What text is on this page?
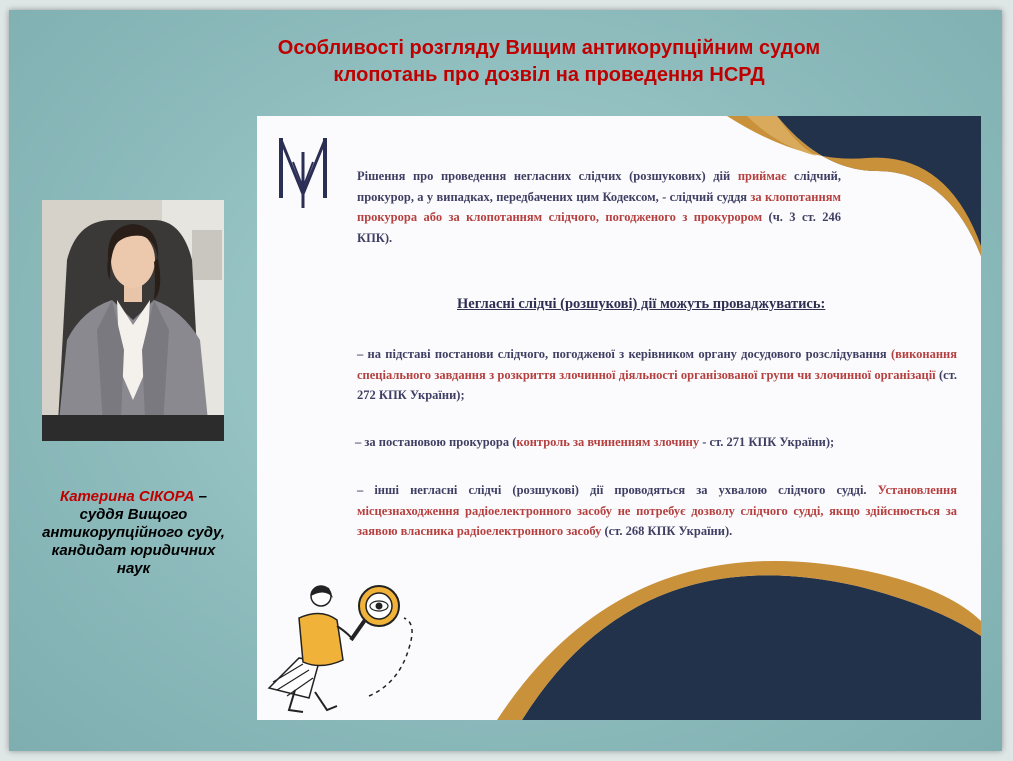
Особливості розгляду Вищим антикорупційним судом
клопотань про дозвіл на проведення НСРД
Катерина СІКОРА –
суддя Вищого
антикорупційного суду,
кандидат юридичних
наук
Рішення про проведення негласних слідчих (розшукових) дій приймає слідчий, прокурор, а у випадках, передбачених цим Кодексом, - слідчий суддя за клопотанням прокурора або за клопотанням слідчого, погодженого з прокурором (ч. 3 ст. 246 КПК).
Негласні слідчі (розшукові) дії можуть проваджуватись:
– на підставі постанови слідчого, погодженої з керівником органу досудового розслідування (виконання спеціального завдання з розкриття злочинної діяльності організованої групи чи злочинної організації (ст. 272 КПК України);
– за постановою прокурора (контроль за вчиненням злочину - ст. 271 КПК України);
– інші негласні слідчі (розшукові) дії проводяться за ухвалою слідчого судді. Установлення місцезнаходження радіоелектронного засобу не потребує дозволу слідчого судді, якщо здійснюється за заявою власника радіоелектронного засобу (ст. 268 КПК України).
